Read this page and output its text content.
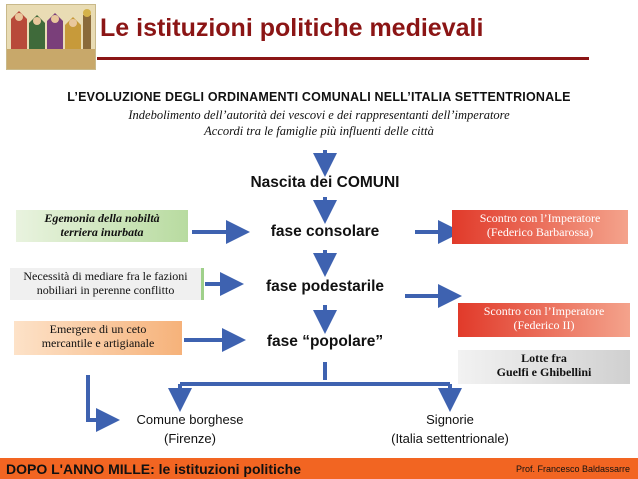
Le istituzioni politiche medievali
L’EVOLUZIONE DEGLI ORDINAMENTI COMUNALI NELL’ITALIA SETTENTRIONALE
Indebolimento dell’autorità dei vescovi e dei rappresentanti dell’imperatore
Accordi tra le famiglie più influenti delle città
Nascita dei COMUNI
fase consolare
fase podestarile
fase “popolare”
Egemonia della nobiltà
terriera inurbata
Necessità di mediare fra le fazioni
nobiliari in perenne conflitto
Emergere di un ceto
mercantile e artigianale
Scontro con l’Imperatore
(Federico Barbarossa)
Scontro con l’Imperatore
(Federico II)
Lotte fra
Guelfi e Ghibellini
Comune borghese
(Firenze)
Signorie
(Italia settentrionale)
DOPO L'ANNO MILLE: le istituzioni politiche	Prof. Francesco Baldassarre
